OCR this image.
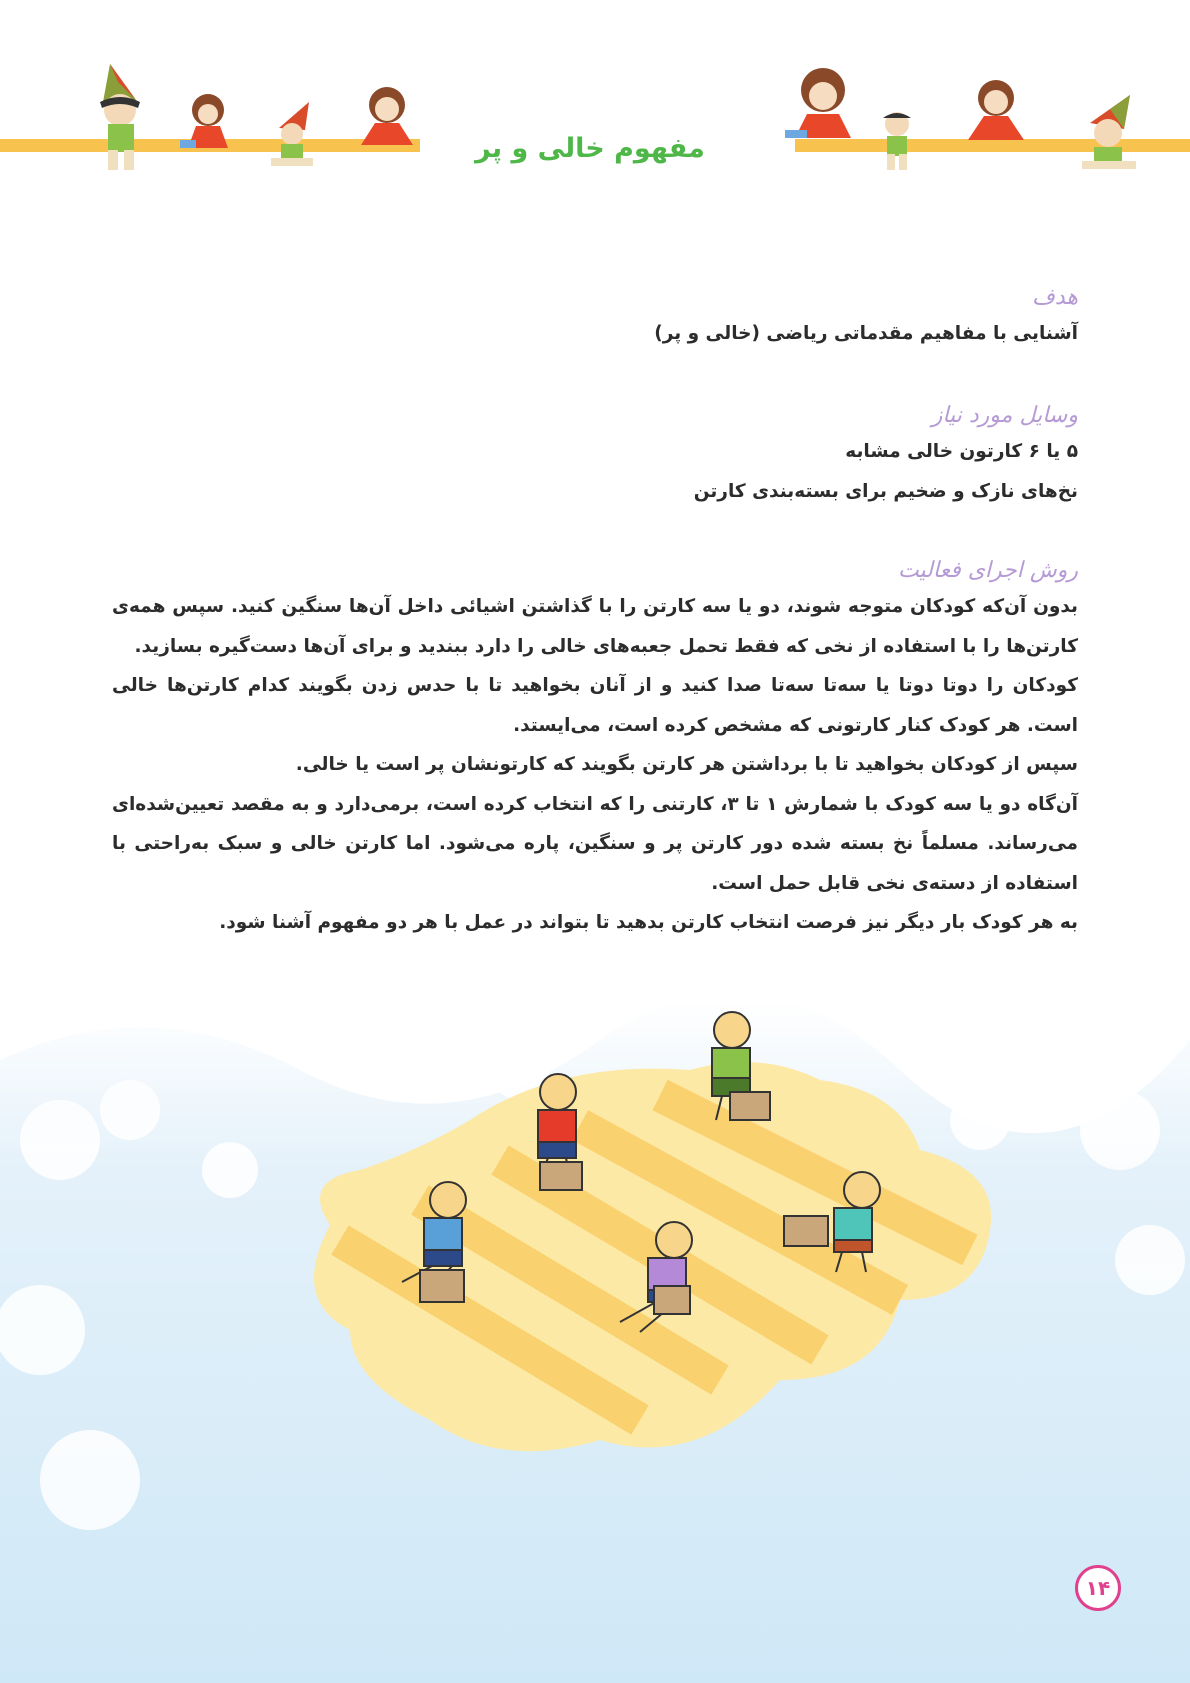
مفهوم خالی و پر

هدف

آشنایی با مفاهیم مقدماتی ریاضی (خالی و پر)

وسایل مورد نیاز

۵ یا ۶ کارتون خالی مشابه

نخ‌های نازک و ضخیم برای بسته‌بندی کارتن

روش اجرای فعالیت

بدون آن‌که کودکان متوجه شوند، دو یا سه کارتن را با گذاشتن اشیائی داخل آن‌ها سنگین کنید. سپس همه‌ی کارتن‌ها را با استفاده از نخی که فقط تحمل جعبه‌های خالی را دارد ببندید و برای آن‌ها دست‌گیره بسازید.

کودکان را دوتا دوتا یا سه‌تا سه‌تا صدا کنید و از آنان بخواهید تا با حدس زدن بگویند کدام کارتن‌ها خالی است. هر کودک کنار کارتونی که مشخص کرده است، می‌ایستد.

سپس از کودکان بخواهید تا با برداشتن هر کارتن بگویند که کارتونشان پر است یا خالی.

آن‌گاه دو یا سه کودک با شمارش ۱ تا ۳، کارتنی را که انتخاب کرده است، برمی‌دارد و به مقصد تعیین‌شده‌ای می‌رساند. مسلماً نخ بسته شده دور کارتن پر و سنگین، پاره می‌شود. اما کارتن خالی و سبک به‌راحتی با استفاده از دسته‌ی نخی قابل حمل است.

به هر کودک بار دیگر نیز فرصت انتخاب کارتن بدهید تا بتواند در عمل با هر دو مفهوم آشنا شود.

۱۴
